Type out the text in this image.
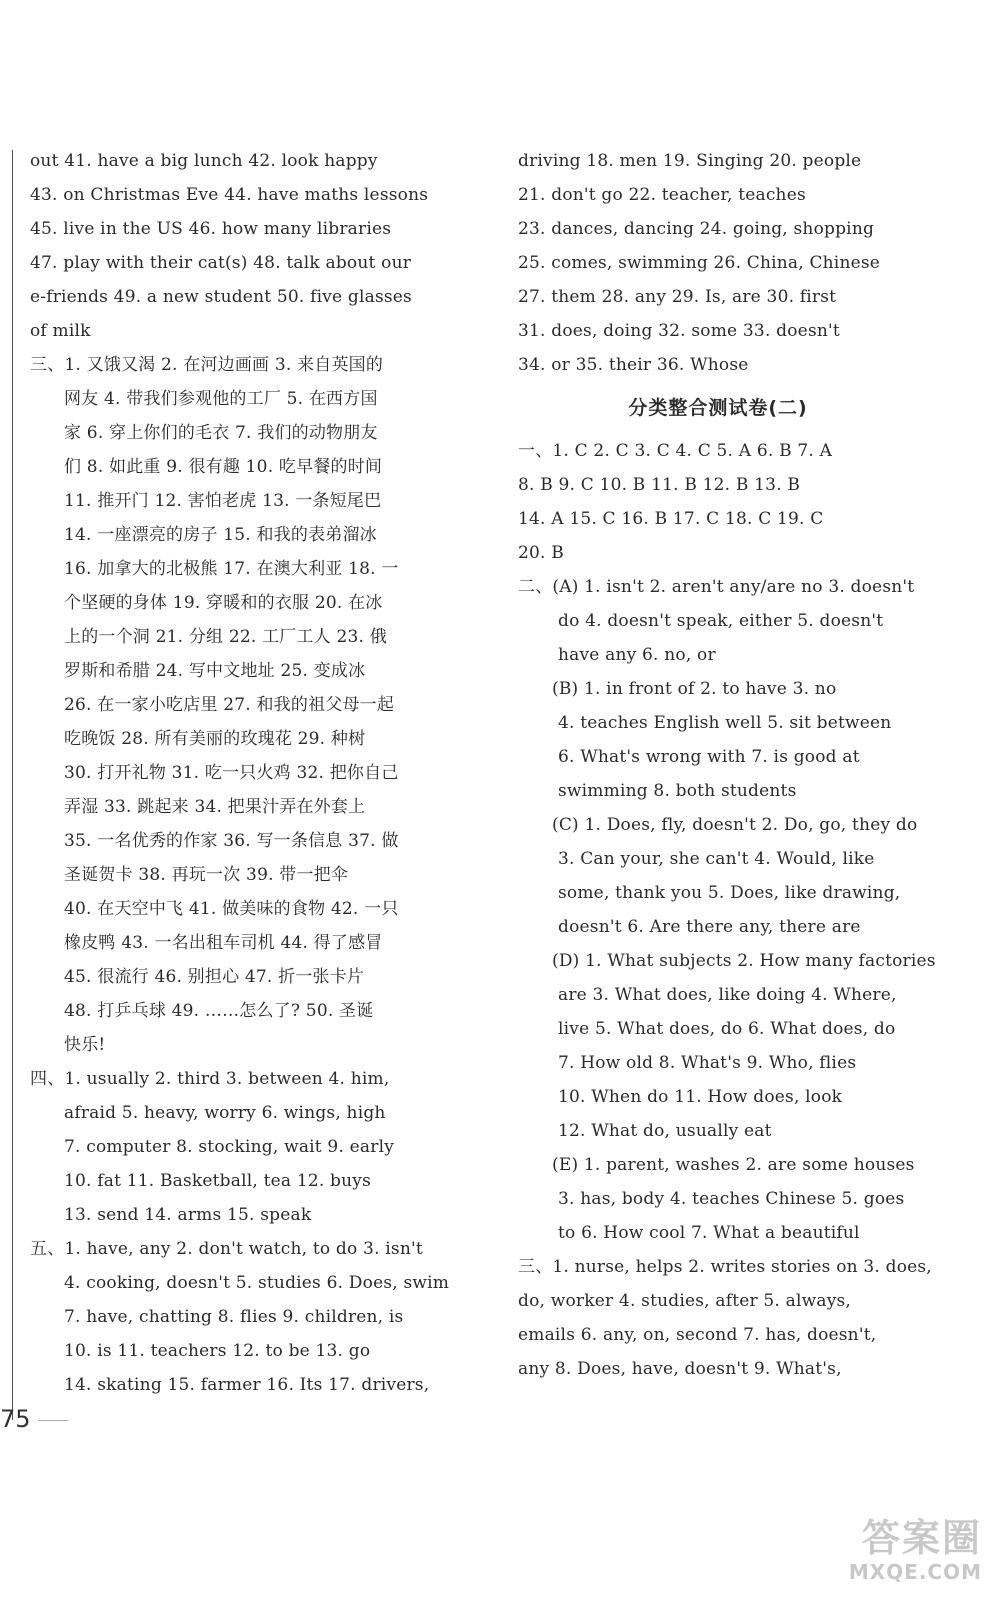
out 41. have a big lunch 42. look happy
43. on Christmas Eve 44. have maths lessons
45. live in the US 46. how many libraries
47. play with their cat(s) 48. talk about our
e-friends 49. a new student 50. five glasses
of milk
三、1. 又饿又渴 2. 在河边画画 3. 来自英国的
网友 4. 带我们参观他的工厂 5. 在西方国
家 6. 穿上你们的毛衣 7. 我们的动物朋友
们 8. 如此重 9. 很有趣 10. 吃早餐的时间
11. 推开门 12. 害怕老虎 13. 一条短尾巴
14. 一座漂亮的房子 15. 和我的表弟溜冰
16. 加拿大的北极熊 17. 在澳大利亚 18. 一
个坚硬的身体 19. 穿暖和的衣服 20. 在冰
上的一个洞 21. 分组 22. 工厂工人 23. 俄
罗斯和希腊 24. 写中文地址 25. 变成冰
26. 在一家小吃店里 27. 和我的祖父母一起
吃晚饭 28. 所有美丽的玫瑰花 29. 种树
30. 打开礼物 31. 吃一只火鸡 32. 把你自己
弄湿 33. 跳起来 34. 把果汁弄在外套上
35. 一名优秀的作家 36. 写一条信息 37. 做
圣诞贺卡 38. 再玩一次 39. 带一把伞
40. 在天空中飞 41. 做美味的食物 42. 一只
橡皮鸭 43. 一名出租车司机 44. 得了感冒
45. 很流行 46. 别担心 47. 折一张卡片
48. 打乒乓球 49. ……怎么了? 50. 圣诞
快乐!
四、1. usually 2. third 3. between 4. him,
afraid 5. heavy, worry 6. wings, high
7. computer 8. stocking, wait 9. early
10. fat 11. Basketball, tea 12. buys
13. send 14. arms 15. speak
五、1. have, any 2. don't watch, to do 3. isn't
4. cooking, doesn't 5. studies 6. Does, swim
7. have, chatting 8. flies 9. children, is
10. is 11. teachers 12. to be 13. go
14. skating 15. farmer 16. Its 17. drivers,
driving 18. men 19. Singing 20. people
21. don't go 22. teacher, teaches
23. dances, dancing 24. going, shopping
25. comes, swimming 26. China, Chinese
27. them 28. any 29. Is, are 30. first
31. does, doing 32. some 33. doesn't
34. or 35. their 36. Whose
分类整合测试卷(二)
一、1. C 2. C 3. C 4. C 5. A 6. B 7. A
8. B 9. C 10. B 11. B 12. B 13. B
14. A 15. C 16. B 17. C 18. C 19. C
20. B
二、(A) 1. isn't 2. aren't any/are no 3. doesn't
do 4. doesn't speak, either 5. doesn't
have any 6. no, or
(B) 1. in front of 2. to have 3. no
4. teaches English well 5. sit between
6. What's wrong with 7. is good at
swimming 8. both students
(C) 1. Does, fly, doesn't 2. Do, go, they do
3. Can your, she can't 4. Would, like
some, thank you 5. Does, like drawing,
doesn't 6. Are there any, there are
(D) 1. What subjects 2. How many factories
are 3. What does, like doing 4. Where,
live 5. What does, do 6. What does, do
7. How old 8. What's 9. Who, flies
10. When do 11. How does, look
12. What do, usually eat
(E) 1. parent, washes 2. are some houses
3. has, body 4. teaches Chinese 5. goes
to 6. How cool 7. What a beautiful
三、1. nurse, helps 2. writes stories on 3. does,
do, worker 4. studies, after 5. always,
emails 6. any, on, second 7. has, doesn't,
any 8. Does, have, doesn't 9. What's,
75
答案圈
MXQE.COM
